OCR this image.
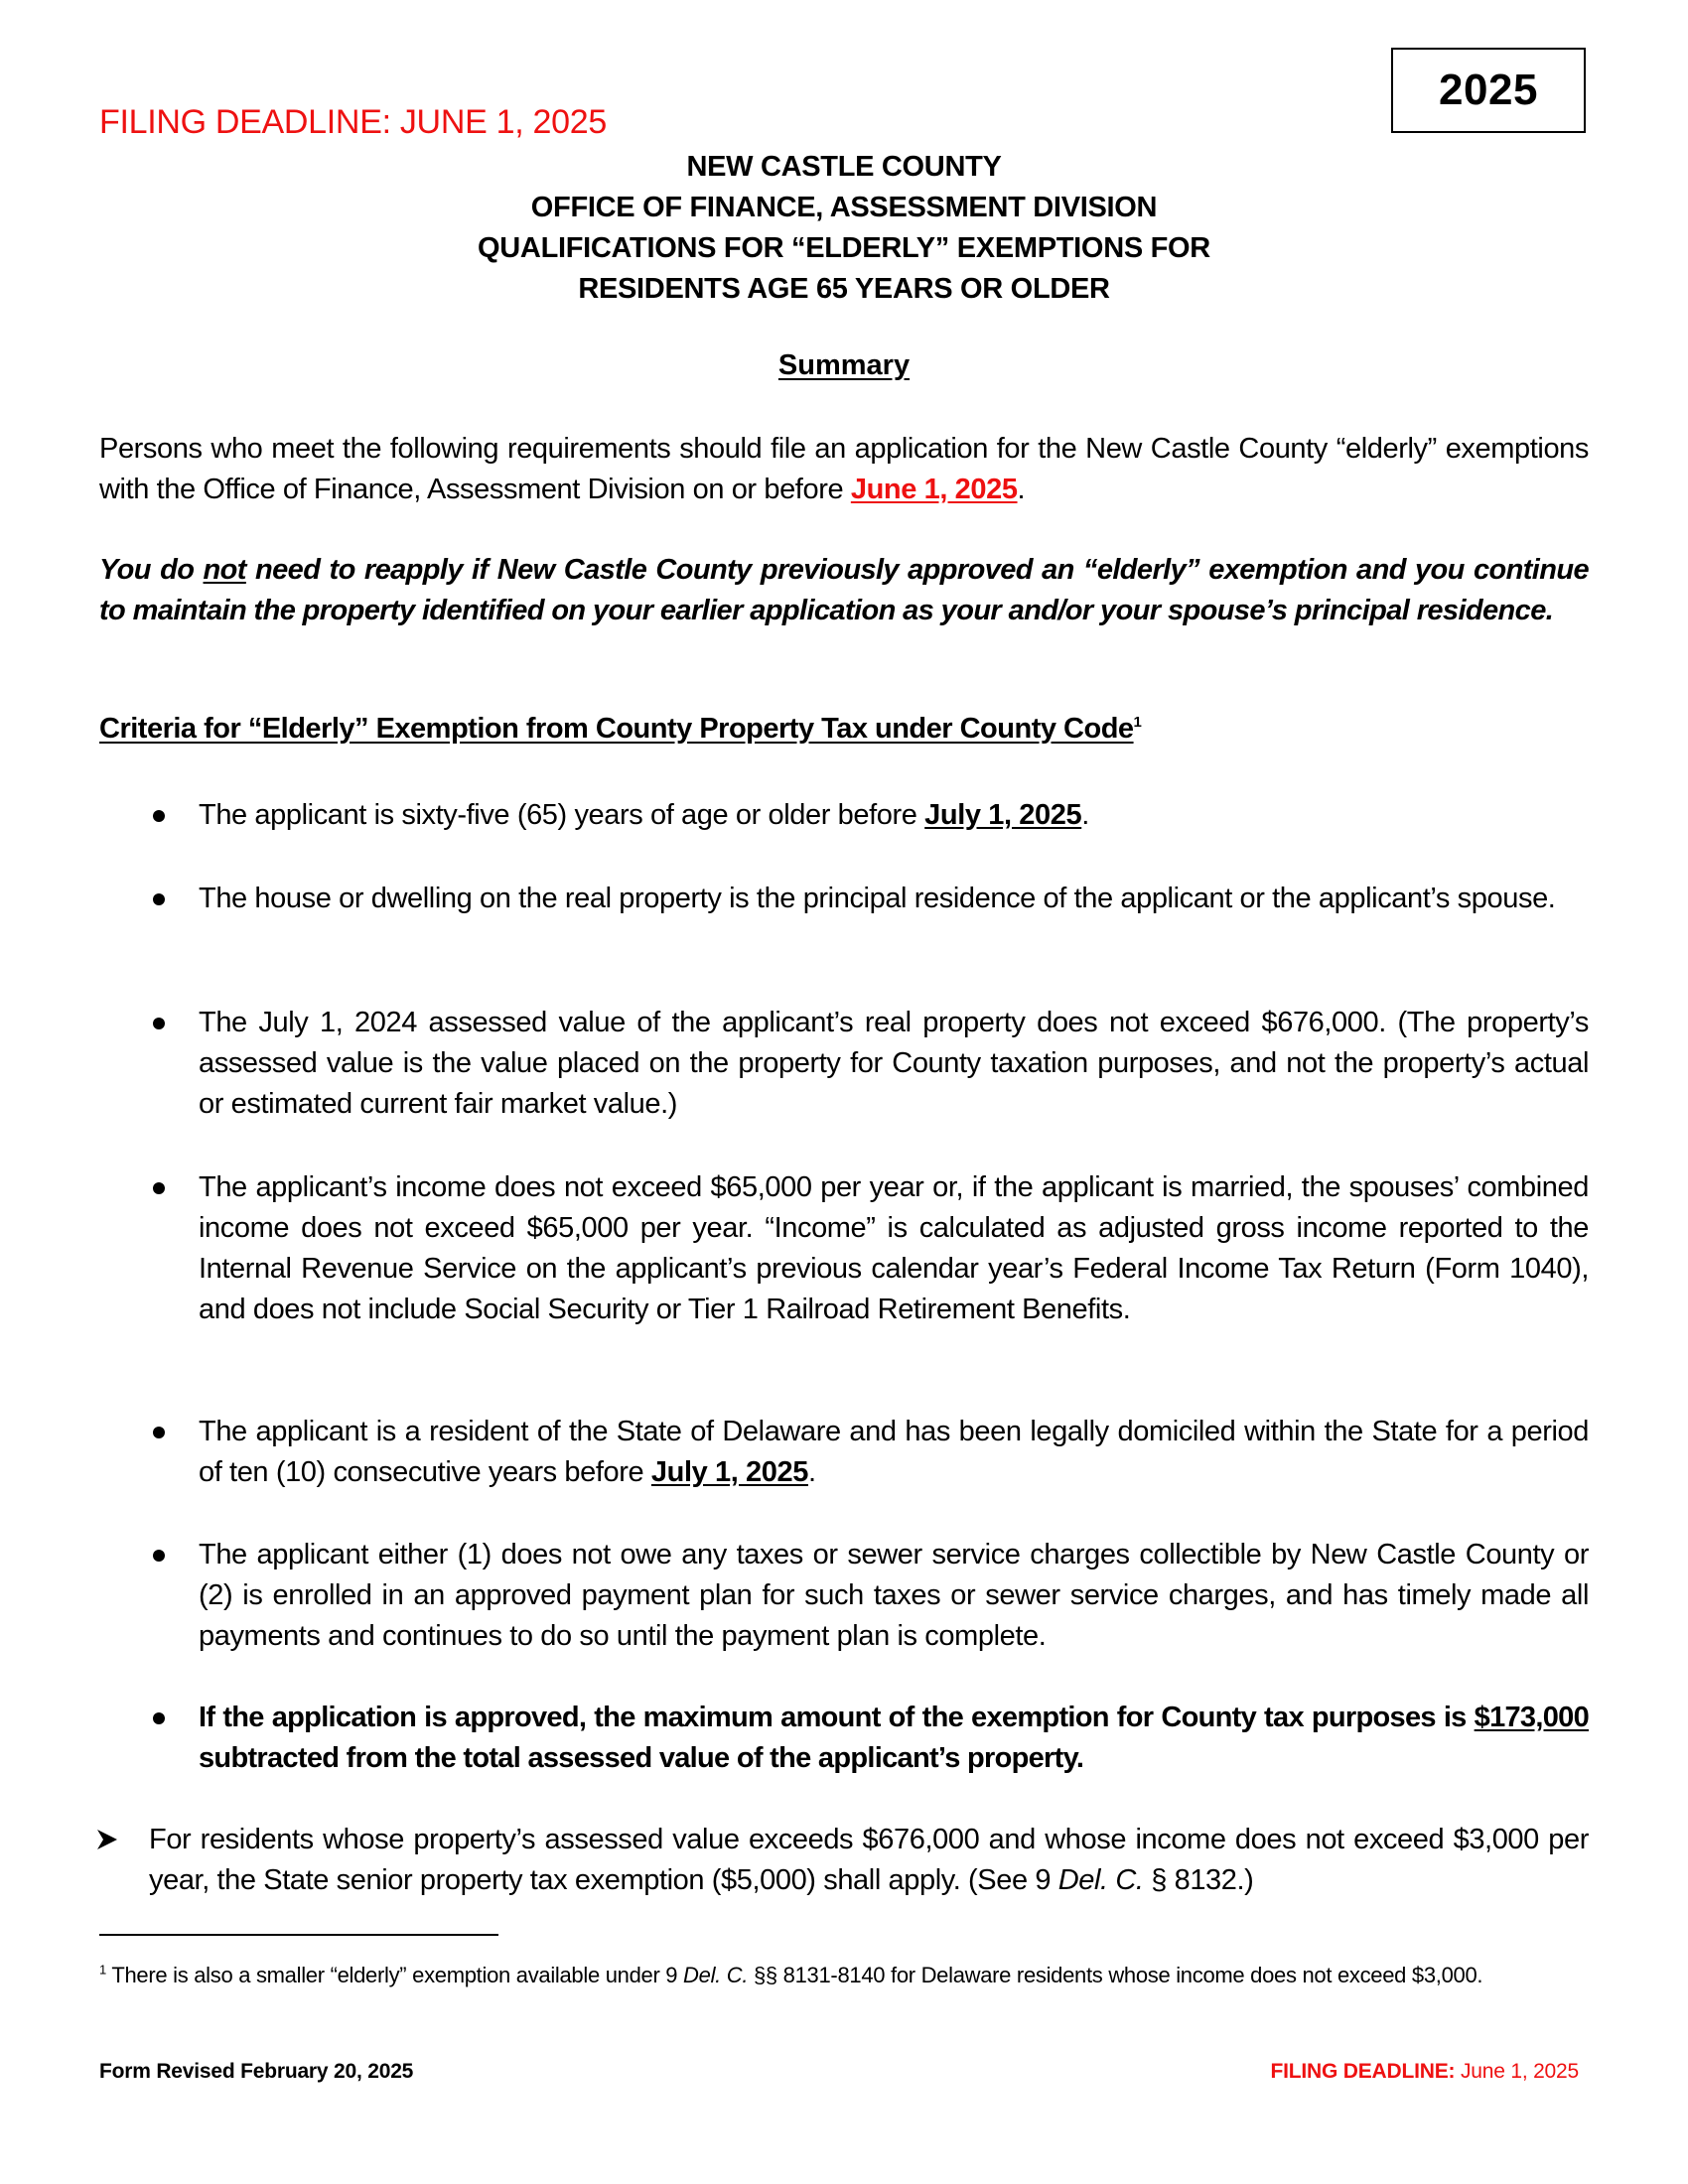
FILING DEADLINE: JUNE 1, 2025
2025
NEW CASTLE COUNTY
OFFICE OF FINANCE, ASSESSMENT DIVISION
QUALIFICATIONS FOR “ELDERLY” EXEMPTIONS FOR
RESIDENTS AGE 65 YEARS OR OLDER
Summary
Persons who meet the following requirements should file an application for the New Castle County “elderly” exemptions with the Office of Finance, Assessment Division on or before June 1, 2025.
You do not need to reapply if New Castle County previously approved an “elderly” exemption and you continue to maintain the property identified on your earlier application as your and/or your spouse’s principal residence.
Criteria for “Elderly” Exemption from County Property Tax under County Code$^1$
The applicant is sixty-five (65) years of age or older before July 1, 2025.
The house or dwelling on the real property is the principal residence of the applicant or the applicant’s spouse.
The July 1, 2024 assessed value of the applicant’s real property does not exceed $676,000. (The property’s assessed value is the value placed on the property for County taxation purposes, and not the property’s actual or estimated current fair market value.)
The applicant’s income does not exceed $65,000 per year or, if the applicant is married, the spouses’ combined income does not exceed $65,000 per year. “Income” is calculated as adjusted gross income reported to the Internal Revenue Service on the applicant’s previous calendar year’s Federal Income Tax Return (Form 1040), and does not include Social Security or Tier 1 Railroad Retirement Benefits.
The applicant is a resident of the State of Delaware and has been legally domiciled within the State for a period of ten (10) consecutive years before July 1, 2025.
The applicant either (1) does not owe any taxes or sewer service charges collectible by New Castle County or (2) is enrolled in an approved payment plan for such taxes or sewer service charges, and has timely made all payments and continues to do so until the payment plan is complete.
If the application is approved, the maximum amount of the exemption for County tax purposes is $173,000 subtracted from the total assessed value of the applicant’s property.
For residents whose property’s assessed value exceeds $676,000 and whose income does not exceed $3,000 per year, the State senior property tax exemption ($5,000) shall apply. (See 9 Del. C. § 8132.)
$^1$ There is also a smaller “elderly” exemption available under 9 Del. C. §§ 8131-8140 for Delaware residents whose income does not exceed $3,000.
Form Revised February 20, 2025	FILING DEADLINE: June 1, 2025
